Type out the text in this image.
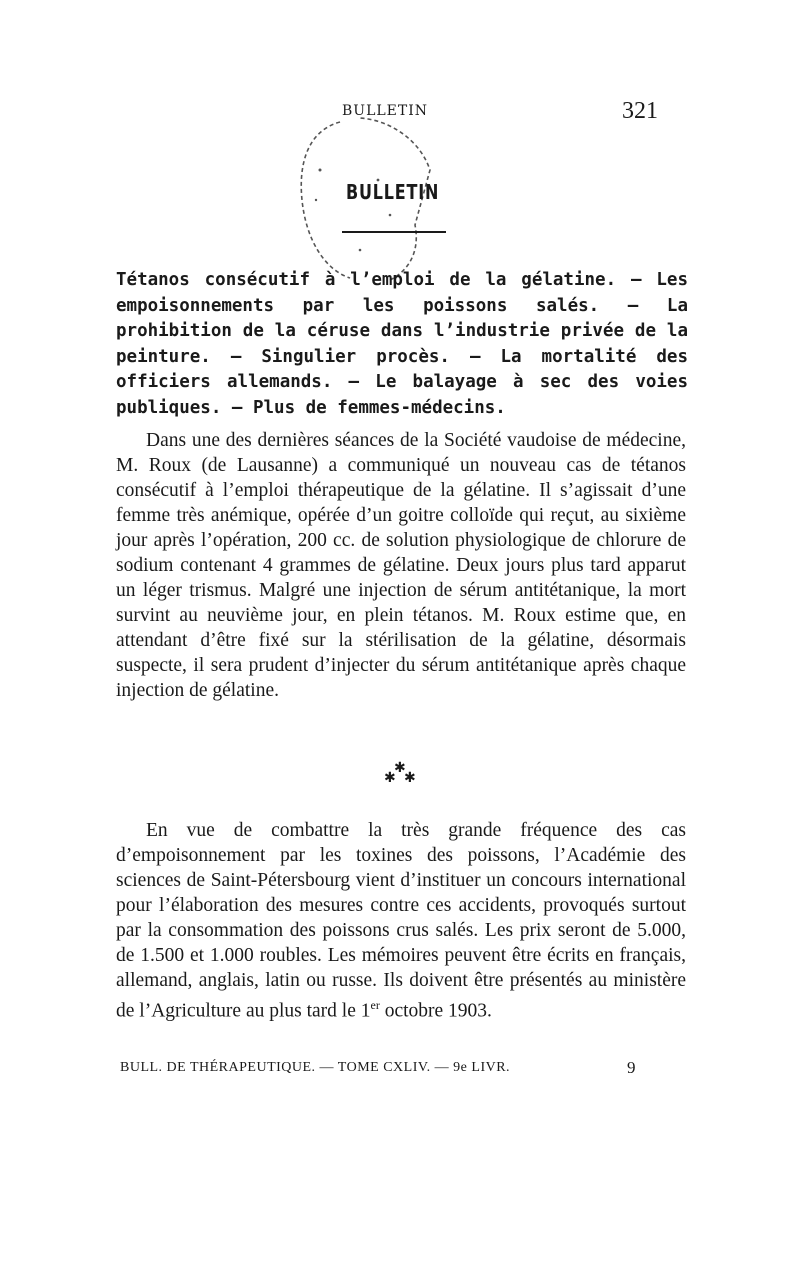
BULLETIN	321
BULLETIN

Tétanos consécutif à l’emploi de la gélatine. — Les empoisonnements par les poissons salés. — La prohibition de la céruse dans l’industrie privée de la peinture. — Singulier procès. — La mortalité des officiers allemands. — Le balayage à sec des voies publiques. — Plus de femmes-médecins.

Dans une des dernières séances de la Société vaudoise de médecine, M. Roux (de Lausanne) a communiqué un nouveau cas de tétanos consécutif à l’emploi thérapeutique de la gélatine. Il s’agissait d’une femme très anémique, opérée d’un goitre colloïde qui reçut, au sixième jour après l’opération, 200 cc. de solution physiologique de chlorure de sodium contenant 4 grammes de gélatine. Deux jours plus tard apparut un léger trismus. Malgré une injection de sérum antitétanique, la mort survint au neuvième jour, en plein tétanos. M. Roux estime que, en attendant d’être fixé sur la stérilisation de la gélatine, désormais suspecte, il sera prudent d’injecter du sérum antitétanique après chaque injection de gélatine.

✱
✱ ✱

En vue de combattre la très grande fréquence des cas d’empoisonnement par les toxines des poissons, l’Académie des sciences de Saint-Pétersbourg vient d’instituer un concours international pour l’élaboration des mesures contre ces accidents, provoqués surtout par la consommation des poissons crus salés. Les prix seront de 5.000, de 1.500 et 1.000 roubles. Les mémoires peuvent être écrits en français, allemand, anglais, latin ou russe. Ils doivent être présentés au ministère de l’Agriculture au plus tard le 1er octobre 1903.

BULL. DE THÉRAPEUTIQUE. — TOME CXLIV. — 9e LIVR.	9
